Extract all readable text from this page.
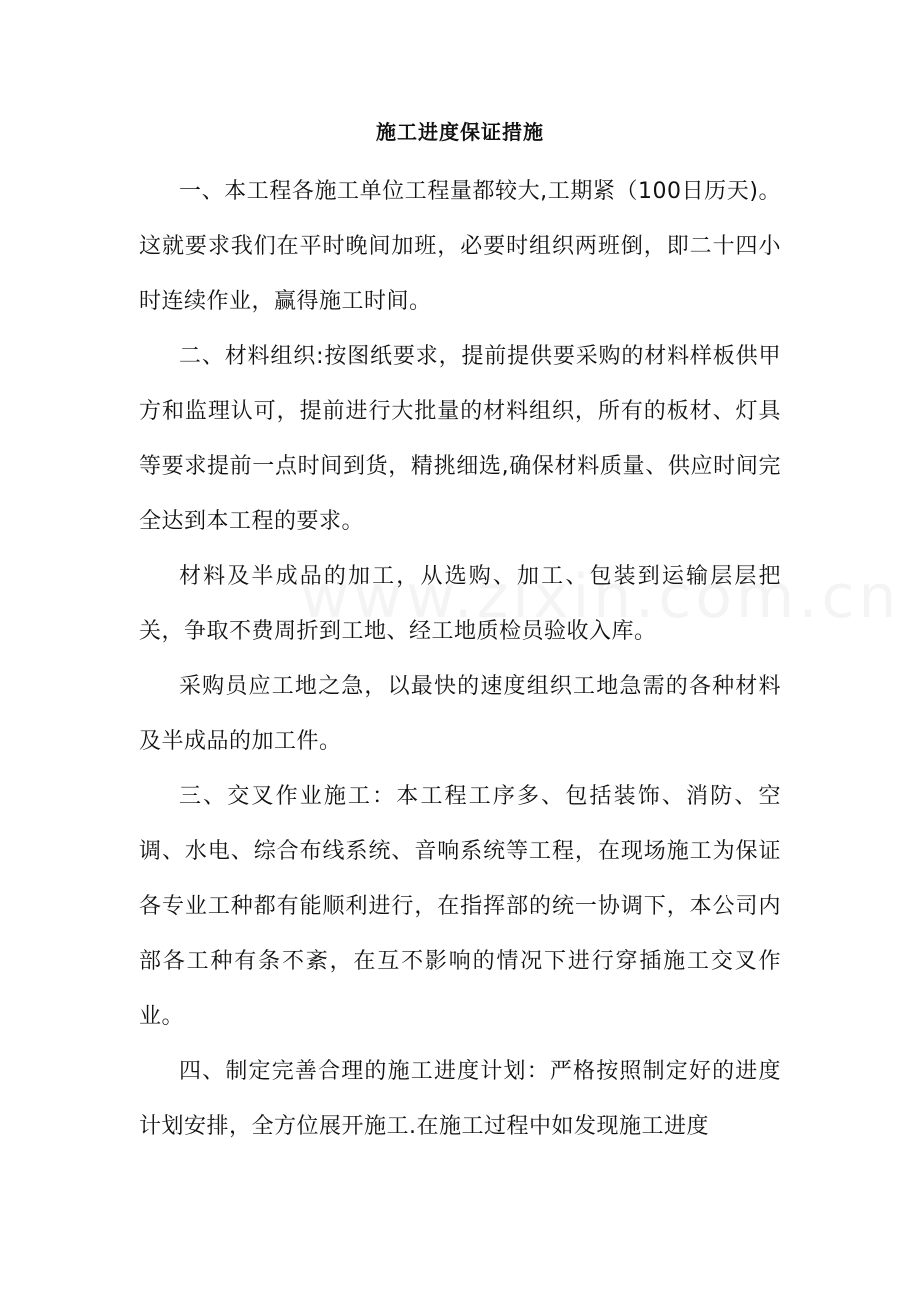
施工进度保证措施

一、本工程各施工单位工程量都较大,工期紧（100日历天)。这就要求我们在平时晚间加班，必要时组织两班倒，即二十四小时连续作业，赢得施工时间。

二、材料组织:按图纸要求，提前提供要采购的材料样板供甲方和监理认可，提前进行大批量的材料组织，所有的板材、灯具等要求提前一点时间到货，精挑细选,确保材料质量、供应时间完全达到本工程的要求。

材料及半成品的加工，从选购、加工、包装到运输层层把关，争取不费周折到工地、经工地质检员验收入库。

采购员应工地之急，以最快的速度组织工地急需的各种材料及半成品的加工件。

三、交叉作业施工：本工程工序多、包括装饰、消防、空调、水电、综合布线系统、音响系统等工程，在现场施工为保证各专业工种都有能顺利进行，在指挥部的统一协调下，本公司内部各工种有条不紊，在互不影响的情况下进行穿插施工交叉作业。

四、制定完善合理的施工进度计划：严格按照制定好的进度计划安排，全方位展开施工.在施工过程中如发现施工进度
